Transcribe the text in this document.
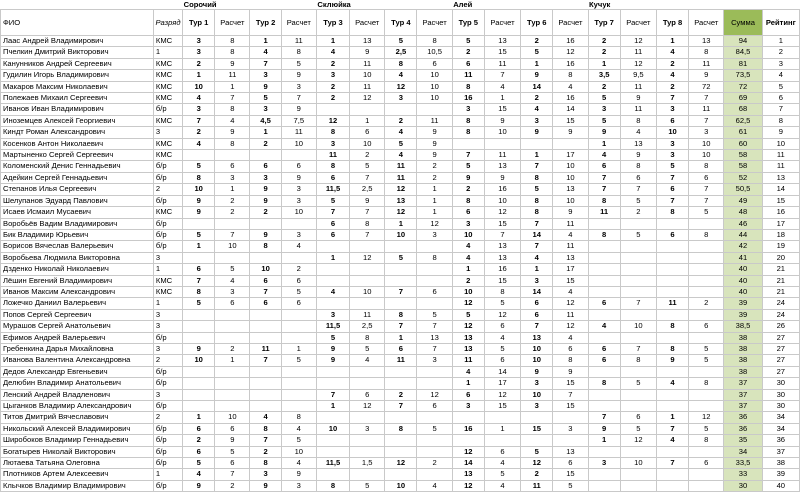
		Сорочий				Склюйка				Алей				Кучук					
ФИО	Разряд	Тур 1	Расчет	Тур 2	Расчет	Тур 3	Расчет	Тур 4	Расчет	Тур 5	Расчет	Тур 6	Расчет	Тур 7	Расчет	Тур 8	Расчет	Сумма	Рейтинг
Лаас Андрей Владимирович	КМС	3	8	1	11	1	13	5	8	5	13	2	16	2	12	1	13	94	1
Пчелкин Дмитрий Викторович	1	3	8	4	8	4	9	2,5	10,5	2	15	5	12	2	11	4	8	84,5	2
Канунников Андрей Сергеевич	КМС	2	9	7	5	2	11	8	6	6	11	1	16	1	12	2	11	81	3
Гудилин Игорь Владимирович	КМС	1	11	3	9	3	10	4	10	11	7	9	8	3,5	9,5	4	9	73,5	4
Макаров Максим Николаевич	КМС	10	1	9	3	2	11	12	10	8	4	14	4	2	11	2	72	72	5
Полежаев Михаил Сергеевич	КМС	4	7	5	7	2	12	3	10	16	1	2	16	5	9	7	7	69	6
Иванов Иван Владимирович	б/р	3	8	3	9					3	15	4	14	3	11	3	11	68	7
Иноземцев Алексей Георгиевич	КМС	7	4	4,5	7,5	12	1	2	11	8	9	3	15	5	8	6	7	62,5	8
Киндт Роман Александрович	3	2	9	1	11	8	6	4	9	8	10	9	9	9	4	10	3	61	9
Косенков Антон Николаевич	КМС	4	8	2	10	3	10	5	9					1	13	3	10	60	10
Мартыненко Сергей Сергеевич	КМС					11	2	4	9	7	11	1	17	4	9	3	10	58	11
Коломенский Денис Геннадьевич	б/р	5	6	6	6	8	5	11	2	5	13	7	10	6	8	5	8	58	11
Адейкин Сергей Геннадьевич	б/р	8	3	3	9	6	7	11	2	9	9	8	10	7	6	7	6	52	13
Степанов Илья Сергеевич	2	10	1	9	3	11,5	2,5	12	1	2	16	5	13	7	7	6	7	50,5	14
Шелупанов Эдуард Павлович	б/р	9	2	9	3	5	9	13	1	8	10	8	10	8	5	7	7	49	15
Исаев Исмаил Мусаевич	КМС	9	2	2	10	7	7	12	1	6	12	8	9	11	2	8	5	48	16
Воробьёв Вадим Владимирович	б/р					6	8	1	12	3	15	7	11					46	17
Бик Владимир Юрьевич	б/р	5	7	9	3	6	7	10	3	10	7	14	4	8	5	6	8	44	18
Борисов Вячеслав Валерьевич	б/р	1	10	8	4					4	13	7	11					42	19
Воробьева Людмила Викторовна	3					1	12	5	8	4	13	4	13					41	20
Дзденко Николай Николаевич	1	6	5	10	2					1	16	1	17					40	21
Лёшин Евгений Владимирович	КМС	7	4	6	6					2	15	3	15					40	21
Иванов Максим Александрович	КМС	8	3	7	5	4	10	7	6	10	8	14	4					40	21
Ложечко Даниил Валерьевич	1	5	6	6	6					12	5	6	12	6	7	11	2	39	24
Попов Сергей Сергеевич	3					3	11	8	5	5	12	6	11					39	24
Мурашов Сергей Анатольевич	3					11,5	2,5	7	7	12	6	7	12	4	10	8	6	38,5	26
Ефимов Андрей Валерьевич	б/р					5	8	1	13	13	4	13	4					38	27
Гребенкина Дарья Михайловна	3	9	2	11	1	9	5	6	7	13	5	10	6	6	7	8	5	38	27
Иванова Валентина Александровна	2	10	1	7	5	9	4	11	3	11	6	10	8	6	8	9	5	38	27
Дедов Александр Евгеньевич	б/р									4	14	9	9					38	27
Делюбин Владимир Анатольевич	б/р									1	17	3	15	8	5	4	8	37	30
Ленский Андрей Владленович	3					7	6	2	12	6	12	10	7					37	30
Цыганков Владимир Александрович	б/р					1	12	7	6	3	15	3	15					37	30
Титов Дмитрий Вячеславович	2	1	10	4	8									7	6	1	12	36	34
Никольский Алексей Владимирович	б/р	6	6	8	4	10	3	8	5	16	1	15	3	9	5	7	5	36	34
Широбоков Владимир Геннадьевич	б/р	2	9	7	5									1	12	4	8	35	36
Богатырев Николай Викторович	б/р	6	5	2	10					12	6	5	13					34	37
Лютаева Татьяна Олеговна	б/р	5	6	8	4	11,5	1,5	12	2	14	4	12	6	3	10	7	6	33,5	38
Плотников Артем Алексеевич	1	4	7	3	9					13	5	2	15					33	39
Клычков Владимир Владимирович	б/р	9	2	9	3	8	5	10	4	12	4	11	5					30	40
